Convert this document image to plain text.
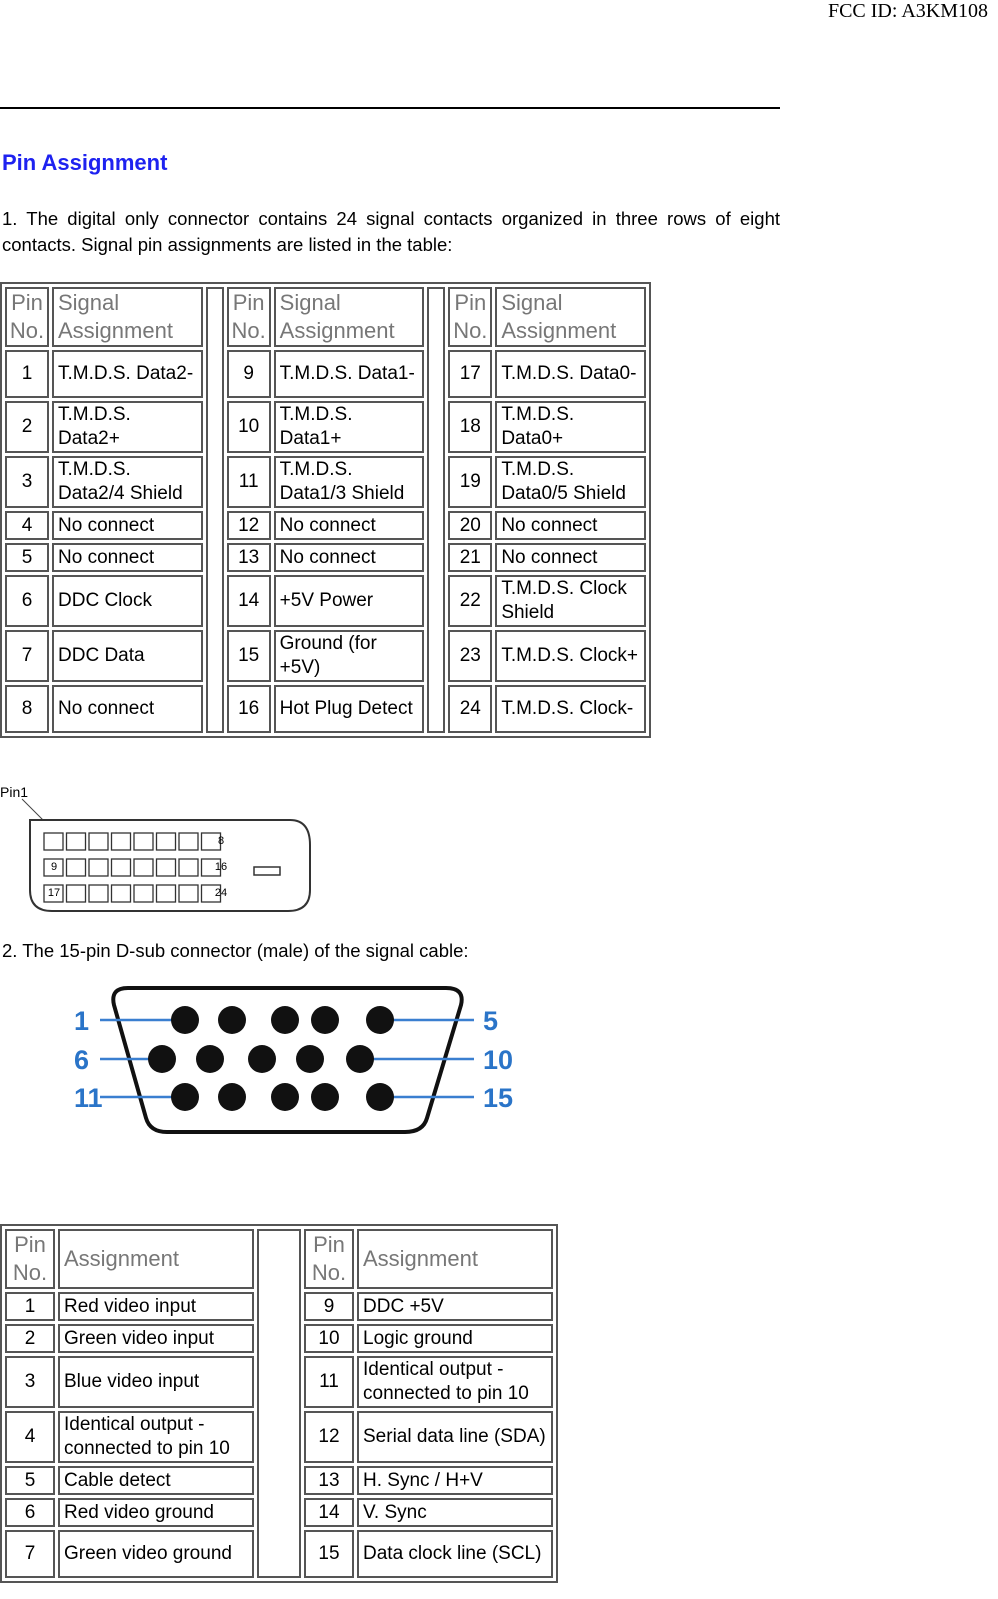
FCC ID: A3KM108
Pin Assignment
1. The digital only connector contains 24 signal contacts organized in three rows of eight contacts. Signal pin assignments are listed in the table:
Pin No.	Signal Assignment		Pin No.	Signal Assignment		Pin No.	Signal Assignment
1	T.M.D.S. Data2-		9	T.M.D.S. Data1-		17	T.M.D.S. Data0-
2	T.M.D.S. Data2+		10	T.M.D.S. Data1+		18	T.M.D.S. Data0+
3	T.M.D.S. Data2/4 Shield		11	T.M.D.S. Data1/3 Shield		19	T.M.D.S. Data0/5 Shield
4	No connect		12	No connect		20	No connect
5	No connect		13	No connect		21	No connect
6	DDC Clock		14	+5V Power		22	T.M.D.S. Clock Shield
7	DDC Data		15	Ground (for +5V)		23	T.M.D.S. Clock+
8	No connect		16	Hot Plug Detect		24	T.M.D.S. Clock-
Pin1
8
9	16
17	24
2. The 15-pin D-sub connector (male) of the signal cable:
1	5
6	10
11	15
Pin No.	Assignment		Pin No.	Assignment
1	Red video input		9	DDC +5V
2	Green video input		10	Logic ground
3	Blue video input		11	Identical output - connected to pin 10
4	Identical output - connected to pin 10		12	Serial data line (SDA)
5	Cable detect		13	H. Sync / H+V
6	Red video ground		14	V. Sync
7	Green video ground		15	Data clock line (SCL)
